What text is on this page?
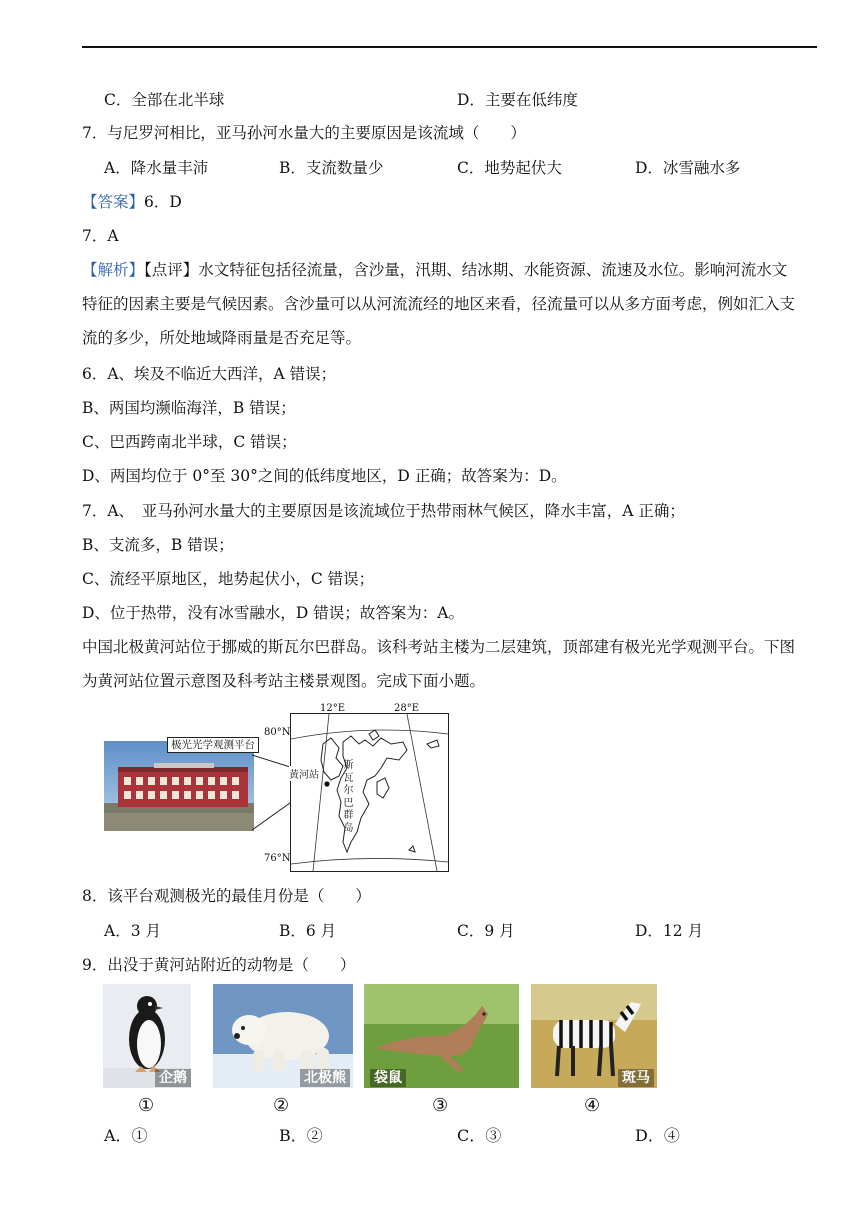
C．全部在北半球	D．主要在低纬度
7．与尼罗河相比，亚马孙河水量大的主要原因是该流域（　　）
A．降水量丰沛	B．支流数量少	C．地势起伏大	D．冰雪融水多
【答案】6．D
7．A
【解析】【点评】水文特征包括径流量，含沙量，汛期、结冰期、水能资源、流速及水位。影响河流水文
特征的因素主要是气候因素。含沙量可以从河流流经的地区来看，径流量可以从多方面考虑，例如汇入支
流的多少，所处地域降雨量是否充足等。
6．A、埃及不临近大西洋，A 错误；
B、两国均濒临海洋，B 错误；
C、巴西跨南北半球，C 错误；
D、两国均位于 0°至 30°之间的低纬度地区，D 正确；故答案为：D。
7．A、　亚马孙河水量大的主要原因是该流域位于热带雨林气候区，降水丰富，A 正确；
B、支流多，B 错误；
C、流经平原地区，地势起伏小，C 错误；
D、位于热带，没有冰雪融水，D 错误；故答案为：A。
中国北极黄河站位于挪威的斯瓦尔巴群岛。该科考站主楼为二层建筑，顶部建有极光光学观测平台。下图
为黄河站位置示意图及科考站主楼景观图。完成下面小题。
极光光学观测平台
12°E	28°E
80°N
76°N
黄河站
斯
瓦
尔
巴
群
岛
8．该平台观测极光的最佳月份是（　　）
A．3 月	B．6 月	C．9 月	D．12 月
9．出没于黄河站附近的动物是（　　）
企鹅	北极熊 袋鼠	斑马
①	②	③	④
A．①	B．②	C．③	D．④
